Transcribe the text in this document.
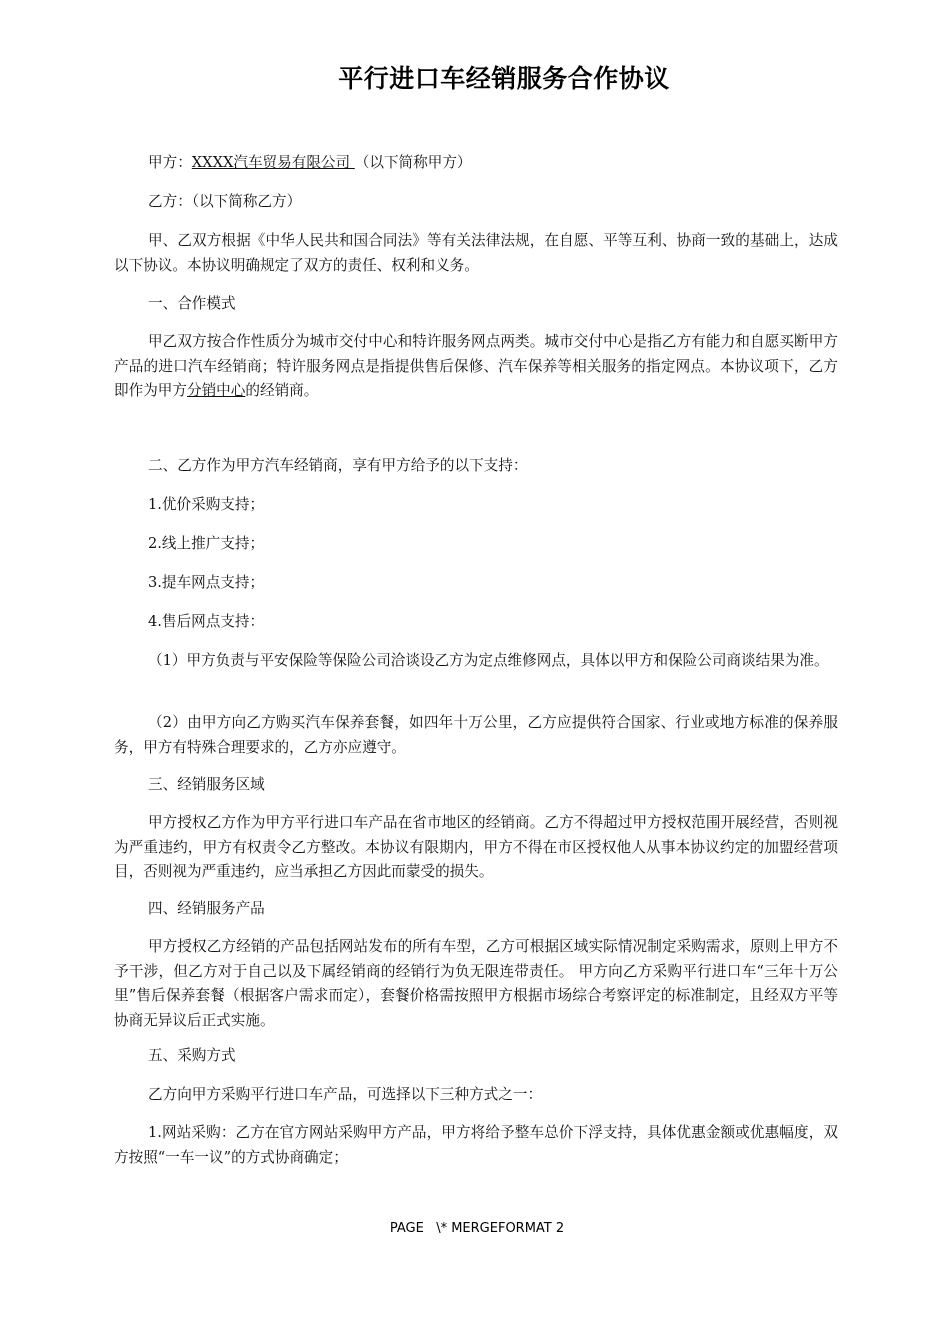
平行进口车经销服务合作协议

甲方：XXXX汽车贸易有限公司 （以下简称甲方）

乙方：（以下简称乙方）

甲、乙双方根据《中华人民共和国合同法》等有关法律法规，在自愿、平等互利、协商一致的基础上，达成以下协议。本协议明确规定了双方的责任、权利和义务。

一、合作模式

甲乙双方按合作性质分为城市交付中心和特许服务网点两类。城市交付中心是指乙方有能力和自愿买断甲方产品的进口汽车经销商；特许服务网点是指提供售后保修、汽车保养等相关服务的指定网点。本协议项下，乙方即作为甲方分销中心的经销商。

二、乙方作为甲方汽车经销商，享有甲方给予的以下支持：

1.优价采购支持；

2.线上推广支持；

3.提车网点支持；

4.售后网点支持：

（1）甲方负责与平安保险等保险公司洽谈设乙方为定点维修网点，具体以甲方和保险公司商谈结果为准。

（2）由甲方向乙方购买汽车保养套餐，如四年十万公里，乙方应提供符合国家、行业或地方标准的保养服务，甲方有特殊合理要求的，乙方亦应遵守。

三、经销服务区域

甲方授权乙方作为甲方平行进口车产品在省市地区的经销商。乙方不得超过甲方授权范围开展经营，否则视为严重违约，甲方有权责令乙方整改。本协议有限期内，甲方不得在市区授权他人从事本协议约定的加盟经营项目，否则视为严重违约，应当承担乙方因此而蒙受的损失。

四、经销服务产品

甲方授权乙方经销的产品包括网站发布的所有车型，乙方可根据区域实际情况制定采购需求，原则上甲方不予干涉，但乙方对于自己以及下属经销商的经销行为负无限连带责任。 甲方向乙方采购平行进口车“三年十万公里”售后保养套餐（根据客户需求而定），套餐价格需按照甲方根据市场综合考察评定的标准制定，且经双方平等协商无异议后正式实施。

五、采购方式

乙方向甲方采购平行进口车产品，可选择以下三种方式之一：

1.网站采购：乙方在官方网站采购甲方产品，甲方将给予整车总价下浮支持，具体优惠金额或优惠幅度，双方按照“一车一议”的方式协商确定；

PAGE   \* MERGEFORMAT 2
